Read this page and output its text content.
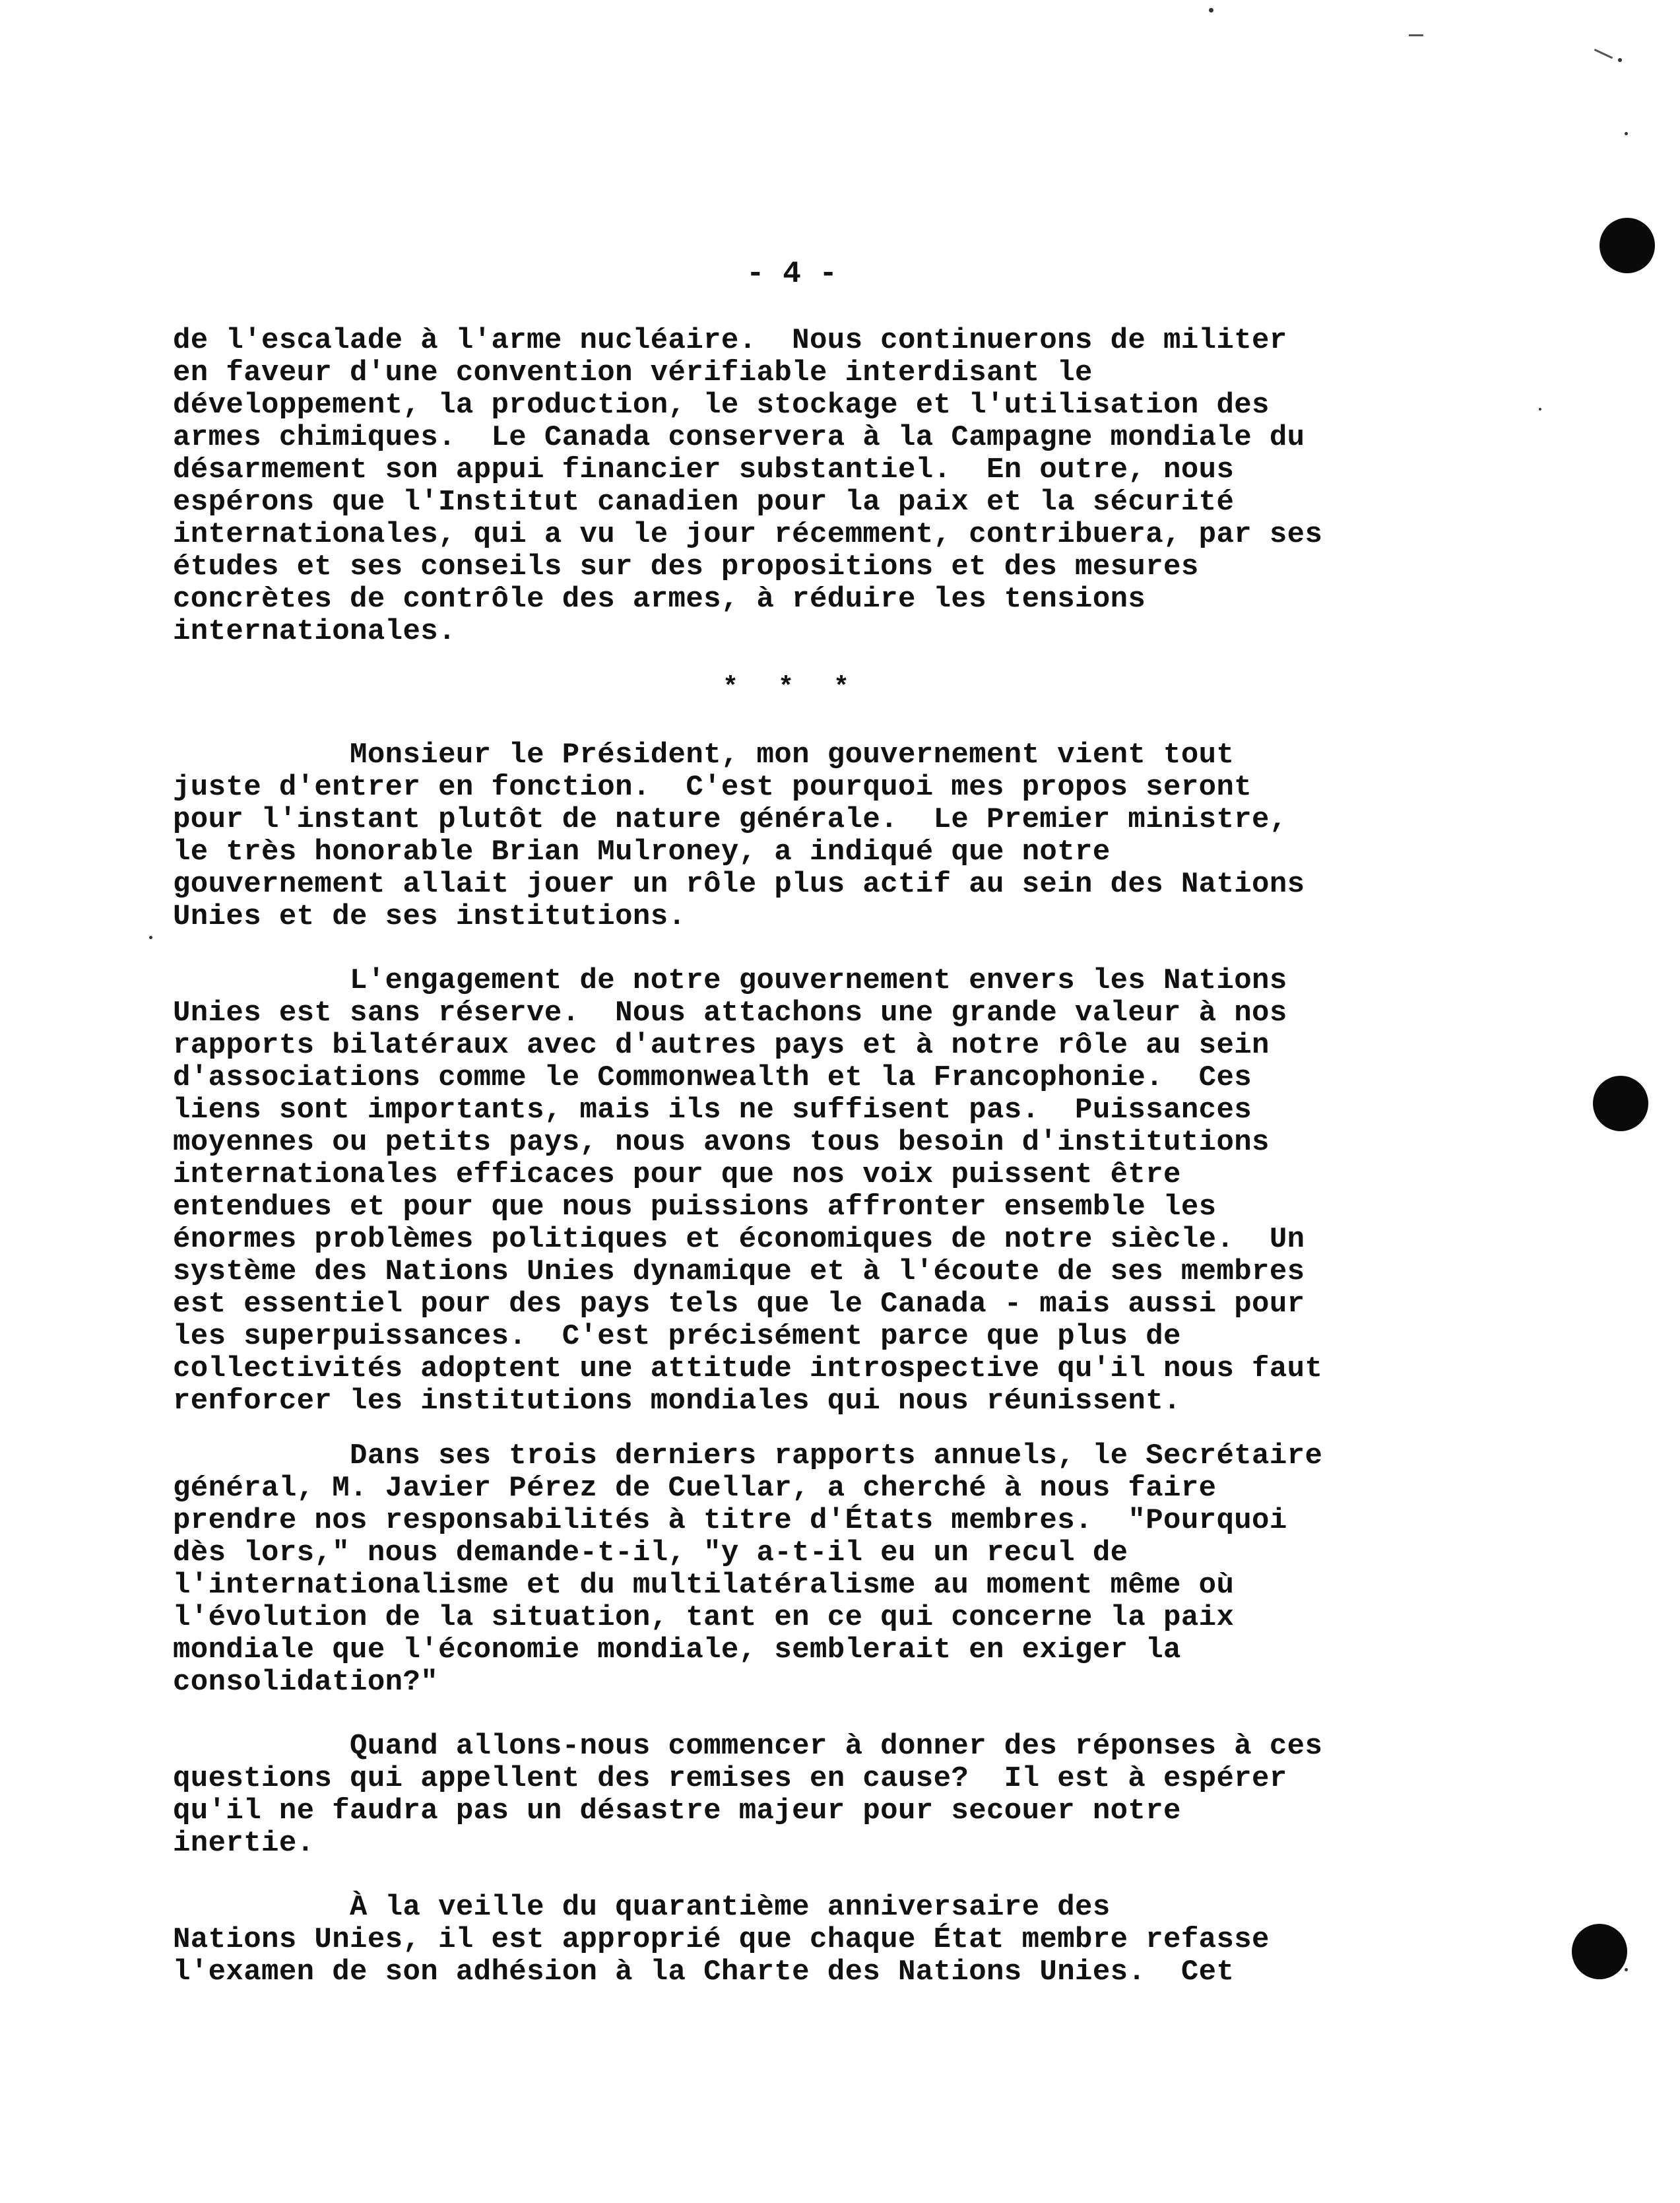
- 4 -
de l'escalade à l'arme nucléaire.  Nous continuerons de militer
en faveur d'une convention vérifiable interdisant le
développement, la production, le stockage et l'utilisation des
armes chimiques.  Le Canada conservera à la Campagne mondiale du
désarmement son appui financier substantiel.  En outre, nous
espérons que l'Institut canadien pour la paix et la sécurité
internationales, qui a vu le jour récemment, contribuera, par ses
études et ses conseils sur des propositions et des mesures
concrètes de contrôle des armes, à réduire les tensions
internationales.
* * *
Monsieur le Président, mon gouvernement vient tout
juste d'entrer en fonction.  C'est pourquoi mes propos seront
pour l'instant plutôt de nature générale.  Le Premier ministre,
le très honorable Brian Mulroney, a indiqué que notre
gouvernement allait jouer un rôle plus actif au sein des Nations
Unies et de ses institutions.
L'engagement de notre gouvernement envers les Nations
Unies est sans réserve.  Nous attachons une grande valeur à nos
rapports bilatéraux avec d'autres pays et à notre rôle au sein
d'associations comme le Commonwealth et la Francophonie.  Ces
liens sont importants, mais ils ne suffisent pas.  Puissances
moyennes ou petits pays, nous avons tous besoin d'institutions
internationales efficaces pour que nos voix puissent être
entendues et pour que nous puissions affronter ensemble les
énormes problèmes politiques et économiques de notre siècle.  Un
système des Nations Unies dynamique et à l'écoute de ses membres
est essentiel pour des pays tels que le Canada - mais aussi pour
les superpuissances.  C'est précisément parce que plus de
collectivités adoptent une attitude introspective qu'il nous faut
renforcer les institutions mondiales qui nous réunissent.
Dans ses trois derniers rapports annuels, le Secrétaire
général, M. Javier Pérez de Cuellar, a cherché à nous faire
prendre nos responsabilités à titre d'États membres.  "Pourquoi
dès lors," nous demande-t-il, "y a-t-il eu un recul de
l'internationalisme et du multilatéralisme au moment même où
l'évolution de la situation, tant en ce qui concerne la paix
mondiale que l'économie mondiale, semblerait en exiger la
consolidation?"
Quand allons-nous commencer à donner des réponses à ces
questions qui appellent des remises en cause?  Il est à espérer
qu'il ne faudra pas un désastre majeur pour secouer notre
inertie.
À la veille du quarantième anniversaire des
Nations Unies, il est approprié que chaque État membre refasse
l'examen de son adhésion à la Charte des Nations Unies.  Cet
